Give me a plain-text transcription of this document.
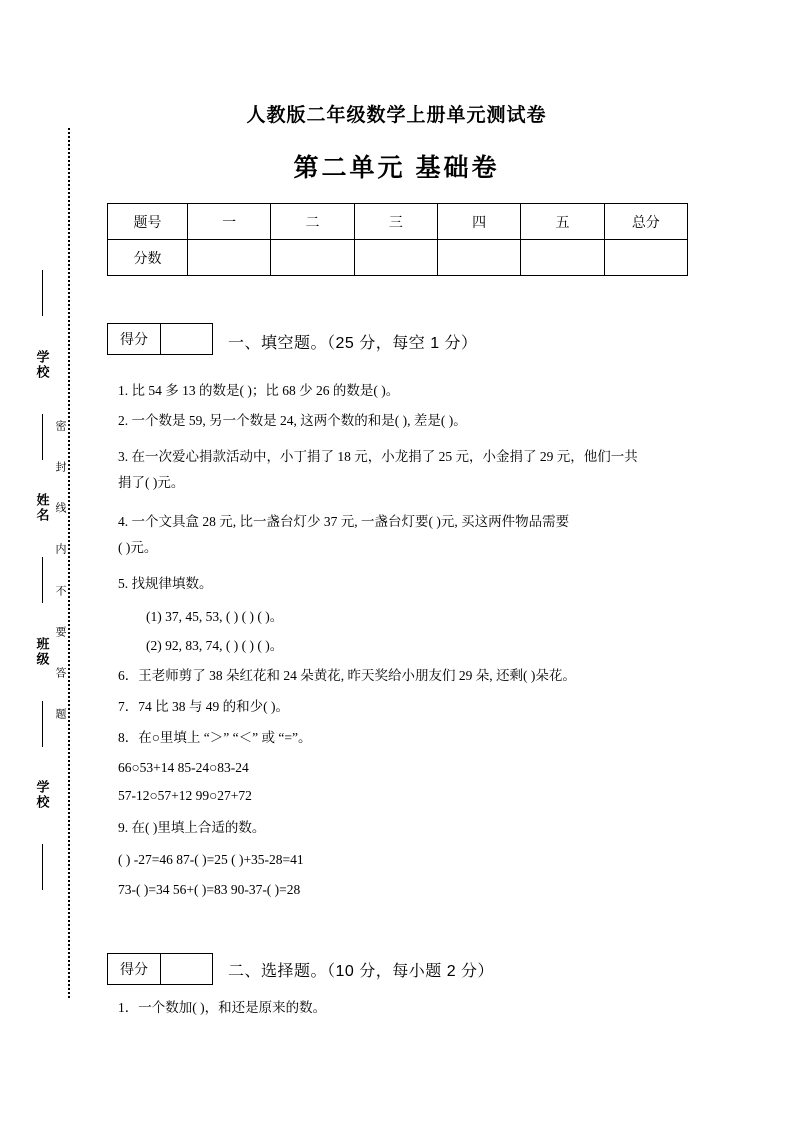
学校
姓名
班级
学校
密
封
线
内
不
要
答
题
人教版二年级数学上册单元测试卷
第二单元 基础卷
题号	一	二	三	四	五	总分
分数						
得分	一、填空题。（25 分，每空 1 分）
1. 比 54 多 13 的数是( )；比 68 少 26 的数是( )。
2. 一个数是 59, 另一个数是 24, 这两个数的和是( ), 差是( )。
3. 在一次爱心捐款活动中，小丁捐了 18 元，小龙捐了 25 元，小金捐了 29 元，他们一共
捐了( )元。
4. 一个文具盒 28 元, 比一盏台灯少 37 元, 一盏台灯要( )元, 买这两件物品需要
( )元。
5. 找规律填数。
(1) 37, 45, 53, ( ) ( ) ( )。
(2) 92, 83, 74, ( ) ( ) ( )。
6．王老师剪了 38 朵红花和 24 朵黄花, 昨天奖给小朋友们 29 朵, 还剩( )朵花。
7．74 比 38 与 49 的和少( )。
8．在○里填上 “＞” “＜” 或 “=”。
66○53+14 85-24○83-24
57-12○57+12 99○27+72
9. 在( )里填上合适的数。
( ) -27=46 87-( )=25 ( )+35-28=41
73-( )=34 56+( )=83 90-37-( )=28
得分	二、选择题。（10 分，每小题 2 分）
1．一个数加( )，和还是原来的数。
